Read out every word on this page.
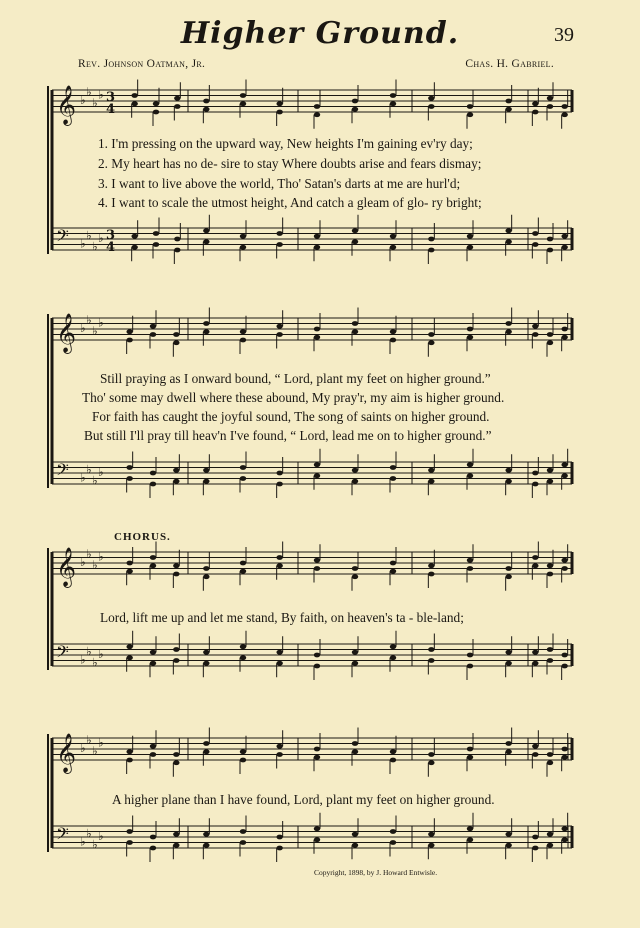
Higher Ground.	39
Rev. Johnson Oatman, Jr.	Chas. H. Gabriel.
𝄞 ♭
♭
♭
♭
𝄢 ♭
♭
♭
♭
3
4
3
4
𝄞 ♭
♭
♭
♭
𝄢 ♭
♭
♭
♭
𝄞 ♭
♭
♭
♭
𝄢 ♭
♭
♭
♭
𝄞 ♭
♭
♭
♭
𝄢 ♭
♭
♭
♭
1. I'm pressing on the upward way, New heights I'm gaining ev'ry day;
2. My heart has no de- sire to stay Where doubts arise and fears dismay;
3. I want to live above the world, Tho' Satan's darts at me are hurl'd;
4. I want to scale the utmost height, And catch a gleam of glo- ry bright;
Still praying as I onward bound, “ Lord, plant my feet on higher ground.”
Tho' some may dwell where these abound, My pray'r, my aim is higher ground.
For faith has caught the joyful sound, The song of saints on higher ground.
But still I'll pray till heav'n I've found, “ Lord, lead me on to higher ground.”
CHORUS.
Lord, lift me up and let me stand, By faith, on heaven's ta - ble-land;
A higher plane than I have found, Lord, plant my feet on higher ground.
Copyright, 1898, by J. Howard Entwisle.
